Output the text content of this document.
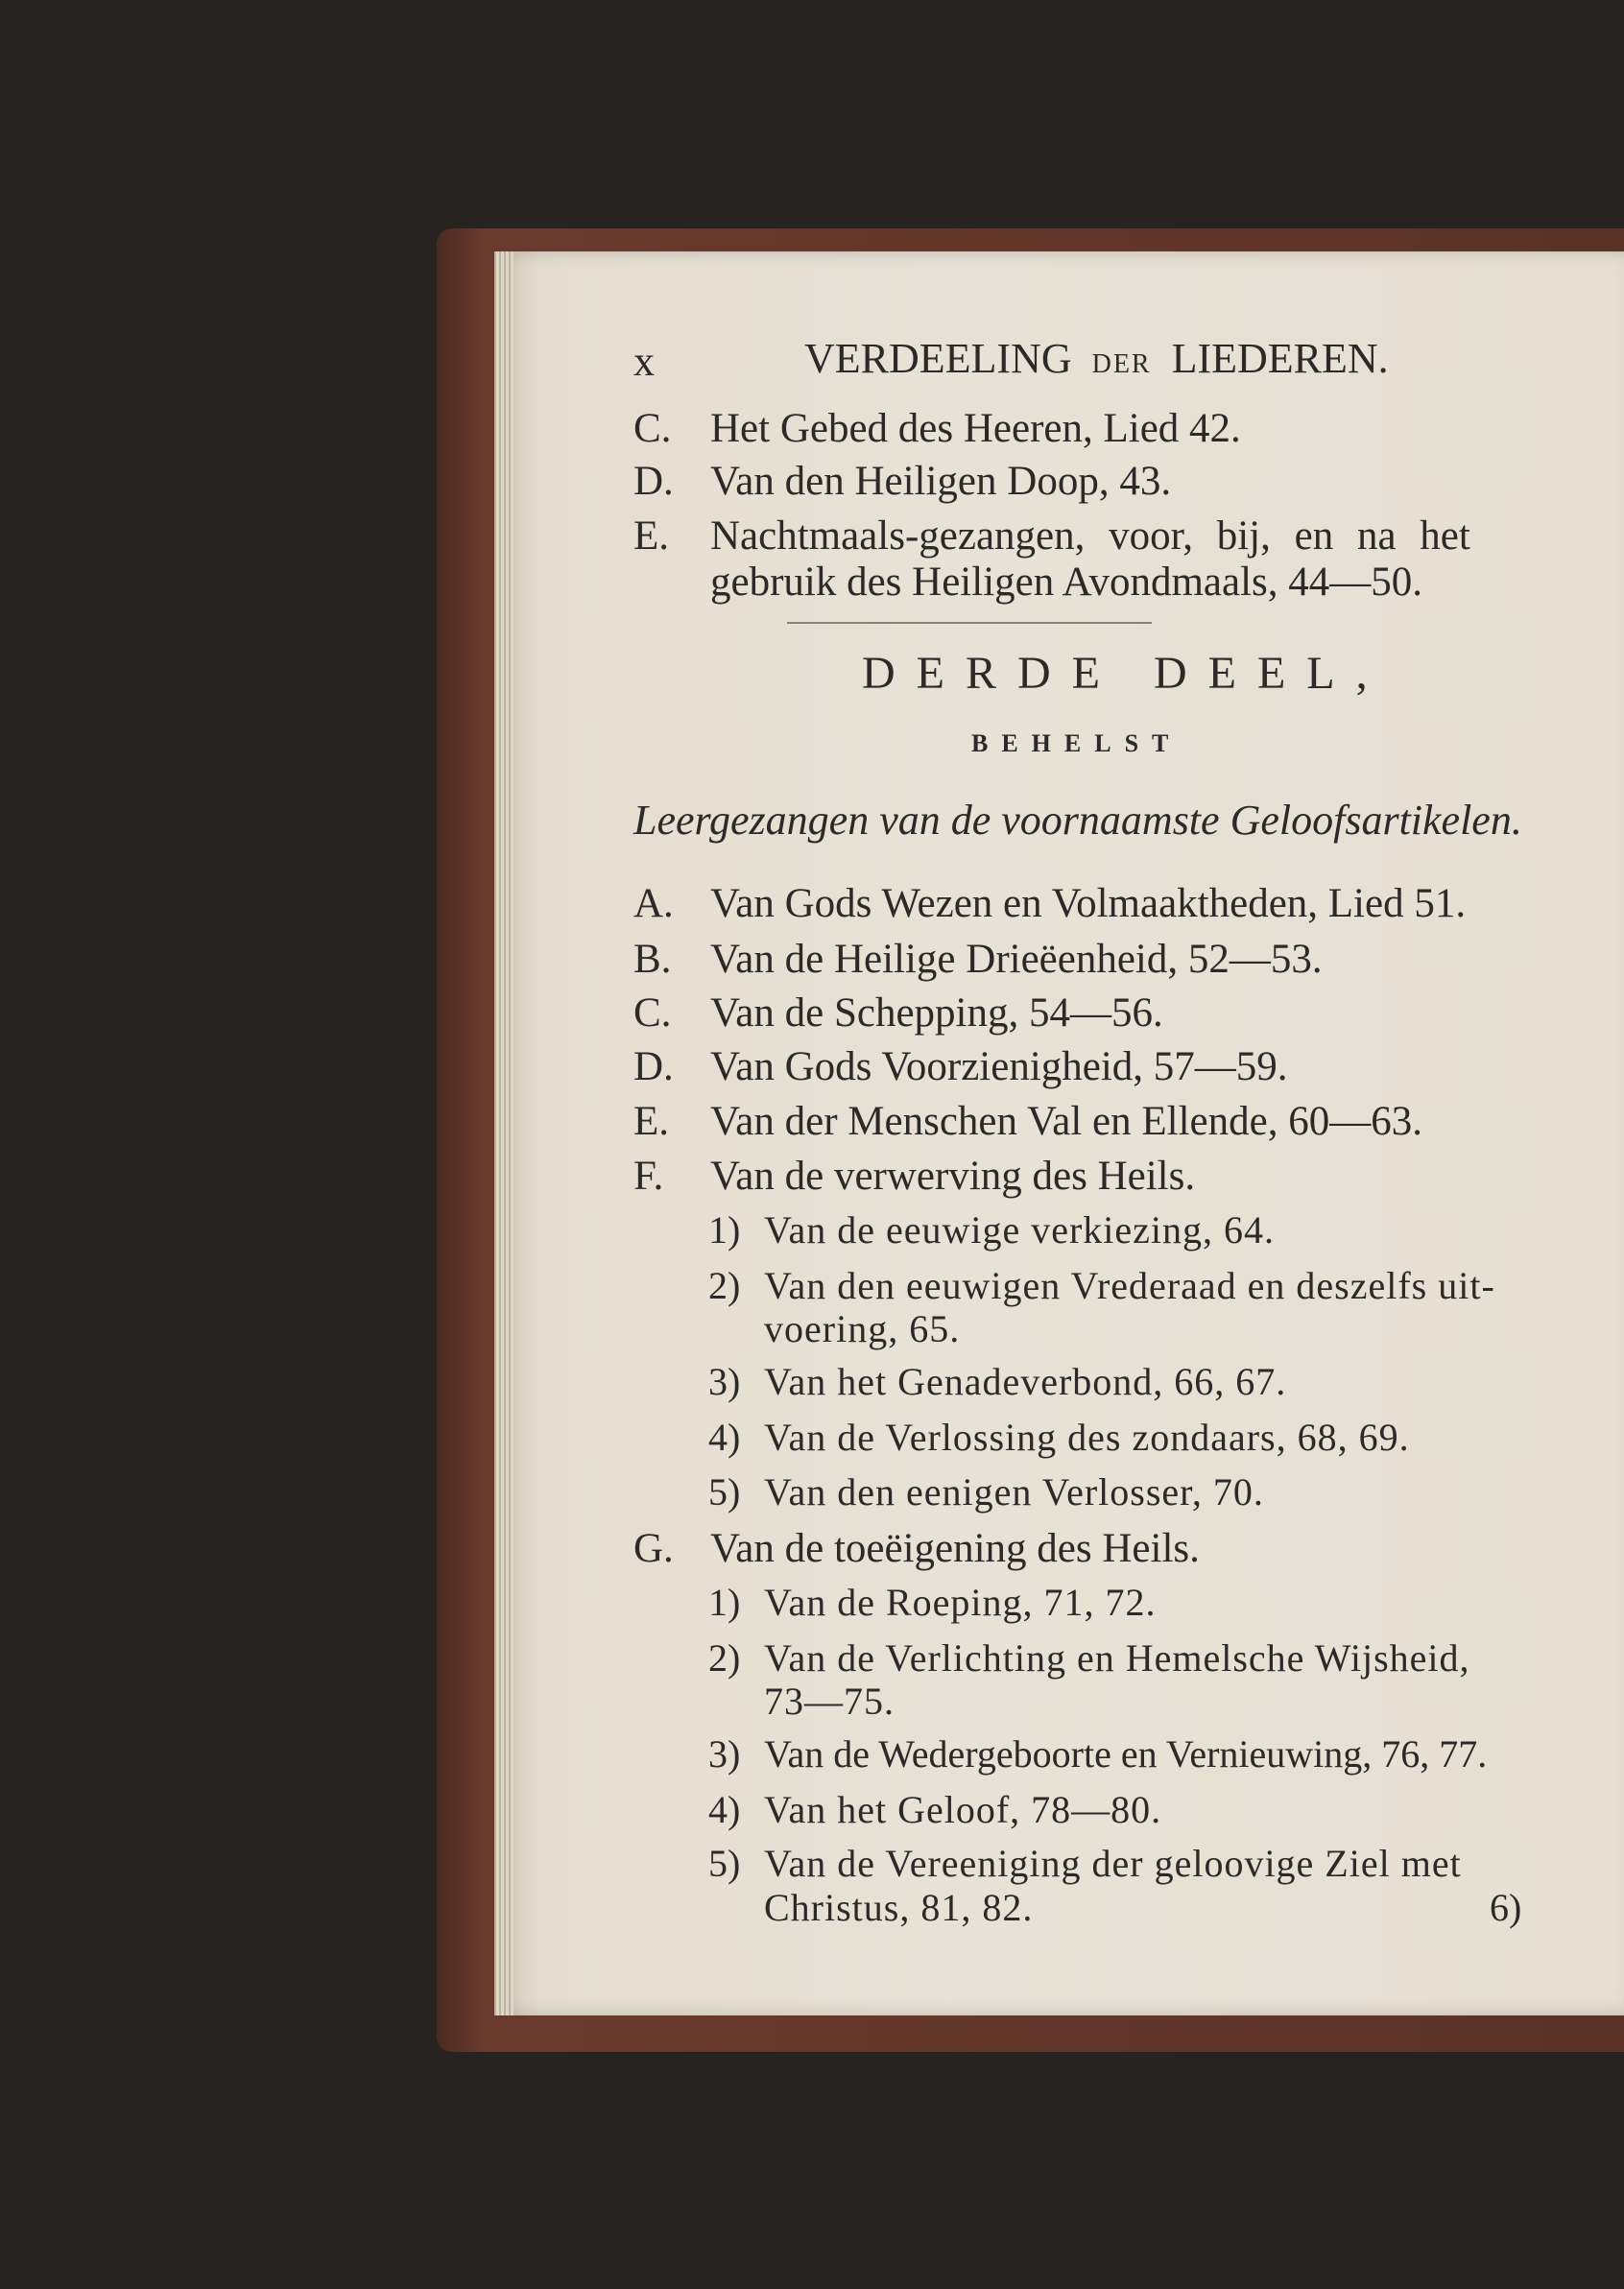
x	VERDEELING DER LIEDEREN.
C. Het Gebed des Heeren, Lied 42.
D. Van den Heiligen Doop, 43.
E. Nachtmaals-gezangen, voor, bij, en na het
gebruik des Heiligen Avondmaals, 44—50.
DERDE DEEL,
BEHELST
Leergezangen van de voornaamste Geloofsartikelen.
A. Van Gods Wezen en Volmaaktheden, Lied 51.
B. Van de Heilige Drieëenheid, 52—53.
C. Van de Schepping, 54—56.
D. Van Gods Voorzienigheid, 57—59.
E. Van der Menschen Val en Ellende, 60—63.
F. Van de verwerving des Heils.
1) Van de eeuwige verkiezing, 64.
2) Van den eeuwigen Vrederaad en deszelfs uit-
voering, 65.
3) Van het Genadeverbond, 66, 67.
4) Van de Verlossing des zondaars, 68, 69.
5) Van den eenigen Verlosser, 70.
G. Van de toeëigening des Heils.
1) Van de Roeping, 71, 72.
2) Van de Verlichting en Hemelsche Wijsheid,
73—75.
3) Van de Wedergeboorte en Vernieuwing, 76, 77.
4) Van het Geloof, 78—80.
5) Van de Vereeniging der geloovige Ziel met
Christus, 81, 82.	6)
